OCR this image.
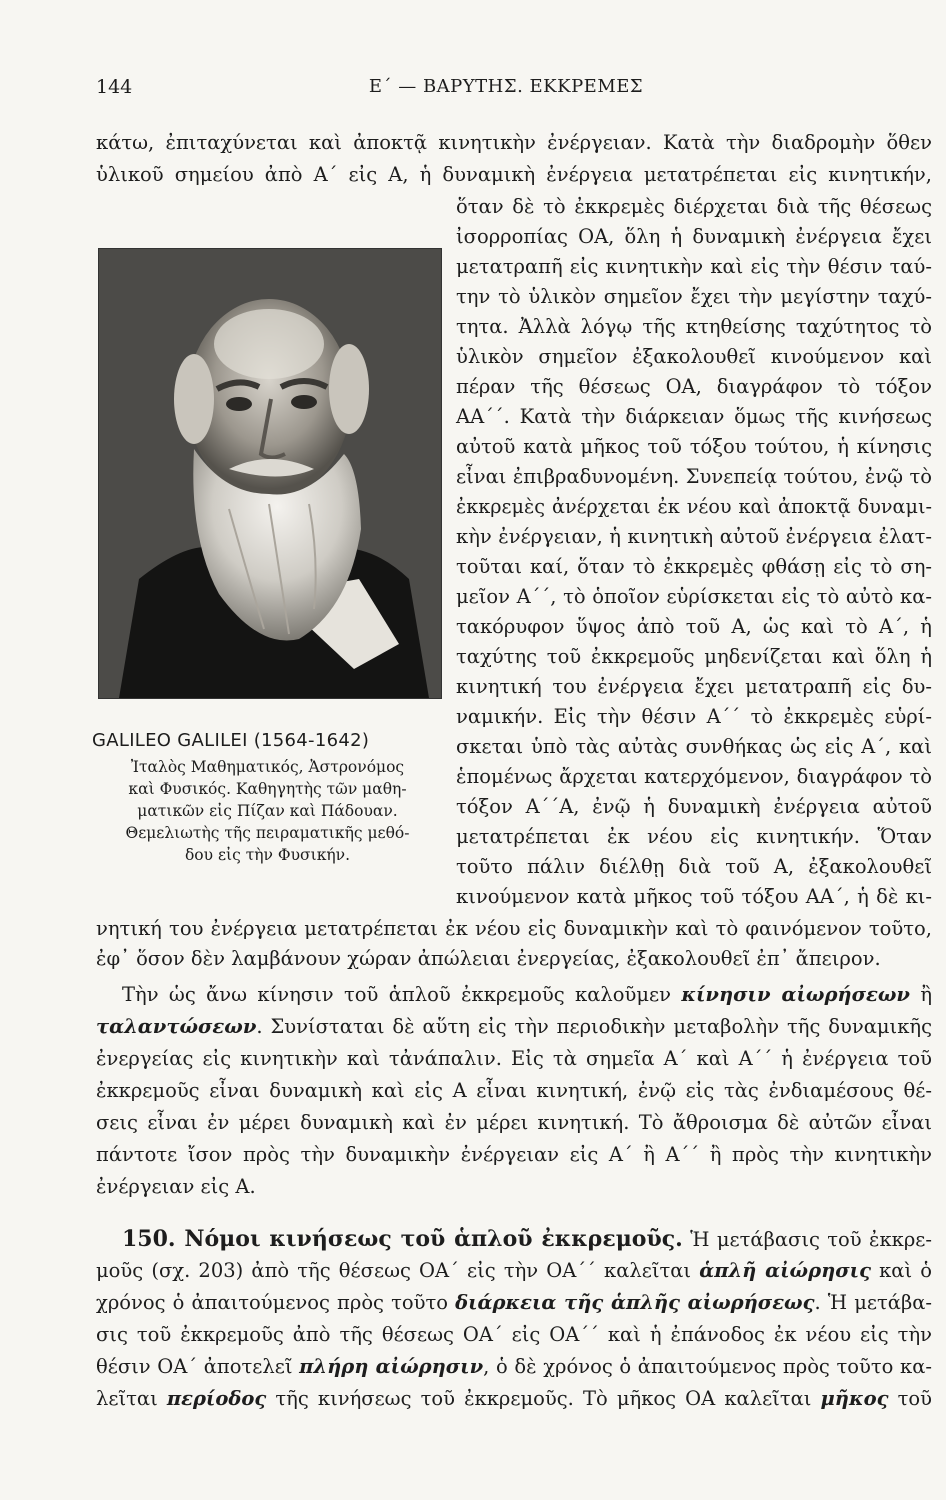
144	Ε΄ — ΒΑΡΥΤΗΣ. ΕΚΚΡΕΜΕΣ
κάτω, ἐπιταχύνεται καὶ ἀποκτᾷ κινητικὴν ἐνέργειαν. Κατὰ τὴν διαδρομὴν ὅθεν
ὑλικοῦ σημείου ἀπὸ Α΄ εἰς Α, ἡ δυναμικὴ ἐνέργεια μετατρέπεται εἰς κινητικήν,
ὅταν δὲ τὸ ἐκκρεμὲς διέρχεται διὰ τῆς θέσεως
ἰσορροπίας ΟΑ, ὅλη ἡ δυναμικὴ ἐνέργεια ἔχει
μετατραπῆ εἰς κινητικὴν καὶ εἰς τὴν θέσιν ταύ-
την τὸ ὑλικὸν σημεῖον ἔχει τὴν μεγίστην ταχύ-
τητα. Ἀλλὰ λόγῳ τῆς κτηθείσης ταχύτητος τὸ
ὑλικὸν σημεῖον ἐξακολουθεῖ κινούμενον καὶ
πέραν τῆς θέσεως ΟΑ, διαγράφον τὸ τόξον
ΑΑ΄΄. Κατὰ τὴν διάρκειαν ὅμως τῆς κινήσεως
αὐτοῦ κατὰ μῆκος τοῦ τόξου τούτου, ἡ κίνησις
εἶναι ἐπιβραδυνομένη. Συνεπείᾳ τούτου, ἐνῷ τὸ
ἐκκρεμὲς ἀνέρχεται ἐκ νέου καὶ ἀποκτᾷ δυναμι-
κὴν ἐνέργειαν, ἡ κινητικὴ αὐτοῦ ἐνέργεια ἐλατ-
τοῦται καί, ὅταν τὸ ἐκκρεμὲς φθάσῃ εἰς τὸ ση-
μεῖον Α΄΄, τὸ ὁποῖον εὑρίσκεται εἰς τὸ αὐτὸ κα-
τακόρυφον ὕψος ἀπὸ τοῦ Α, ὡς καὶ τὸ Α΄, ἡ
ταχύτης τοῦ ἐκκρεμοῦς μηδενίζεται καὶ ὅλη ἡ
κινητική του ἐνέργεια ἔχει μετατραπῆ εἰς δυ-
ναμικήν. Εἰς τὴν θέσιν Α΄΄ τὸ ἐκκρεμὲς εὑρί-
σκεται ὑπὸ τὰς αὐτὰς συνθήκας ὡς εἰς Α΄, καὶ
ἑπομένως ἄρχεται κατερχόμενον, διαγράφον τὸ
τόξον Α΄΄Α, ἐνῷ ἡ δυναμικὴ ἐνέργεια αὐτοῦ
μετατρέπεται ἐκ νέου εἰς κινητικήν. Ὅταν
τοῦτο πάλιν διέλθῃ διὰ τοῦ Α, ἐξακολουθεῖ
κινούμενον κατὰ μῆκος τοῦ τόξου ΑΑ΄, ἡ δὲ κι-
GALILEO GALILEI (1564-1642)
Ἰταλὸς Μαθηματικός, Ἀστρονόμος
καὶ Φυσικός. Καθηγητὴς τῶν μαθη-
ματικῶν εἰς Πίζαν καὶ Πάδουαν.
Θεμελιωτὴς τῆς πειραματικῆς μεθό-
δου εἰς τὴν Φυσικήν.
νητική του ἐνέργεια μετατρέπεται ἐκ νέου εἰς δυναμικὴν καὶ τὸ φαινόμενον τοῦτο,
ἐφ᾿ ὅσον δὲν λαμβάνουν χώραν ἀπώλειαι ἐνεργείας, ἐξακολουθεῖ ἐπ᾿ ἄπειρον.
Τὴν ὡς ἄνω κίνησιν τοῦ ἁπλοῦ ἐκκρεμοῦς καλοῦμεν κίνησιν αἰωρήσεων ἢ
ταλαντώσεων. Συνίσταται δὲ αὕτη εἰς τὴν περιοδικὴν μεταβολὴν τῆς δυναμικῆς
ἐνεργείας εἰς κινητικὴν καὶ τἀνάπαλιν. Εἰς τὰ σημεῖα Α΄ καὶ Α΄΄ ἡ ἐνέργεια τοῦ
ἐκκρεμοῦς εἶναι δυναμικὴ καὶ εἰς Α εἶναι κινητική, ἐνῷ εἰς τὰς ἐνδιαμέσους θέ-
σεις εἶναι ἐν μέρει δυναμικὴ καὶ ἐν μέρει κινητική. Τὸ ἄθροισμα δὲ αὐτῶν εἶναι
πάντοτε ἴσον πρὸς τὴν δυναμικὴν ἐνέργειαν εἰς Α΄ ἢ Α΄΄ ἢ πρὸς τὴν κινητικὴν
ἐνέργειαν εἰς Α.
150. Νόμοι κινήσεως τοῦ ἁπλοῦ ἐκκρεμοῦς. Ἡ μετάβασις τοῦ ἐκκρε-
μοῦς (σχ. 203) ἀπὸ τῆς θέσεως ΟΑ΄ εἰς τὴν ΟΑ΄΄ καλεῖται ἁπλῆ αἰώρησις καὶ ὁ
χρόνος ὁ ἀπαιτούμενος πρὸς τοῦτο διάρκεια τῆς ἁπλῆς αἰωρήσεως. Ἡ μετάβα-
σις τοῦ ἐκκρεμοῦς ἀπὸ τῆς θέσεως ΟΑ΄ εἰς ΟΑ΄΄ καὶ ἡ ἐπάνοδος ἐκ νέου εἰς τὴν
θέσιν ΟΑ΄ ἀποτελεῖ πλήρη αἰώρησιν, ὁ δὲ χρόνος ὁ ἀπαιτούμενος πρὸς τοῦτο κα-
λεῖται περίοδος τῆς κινήσεως τοῦ ἐκκρεμοῦς. Τὸ μῆκος ΟΑ καλεῖται μῆκος τοῦ
